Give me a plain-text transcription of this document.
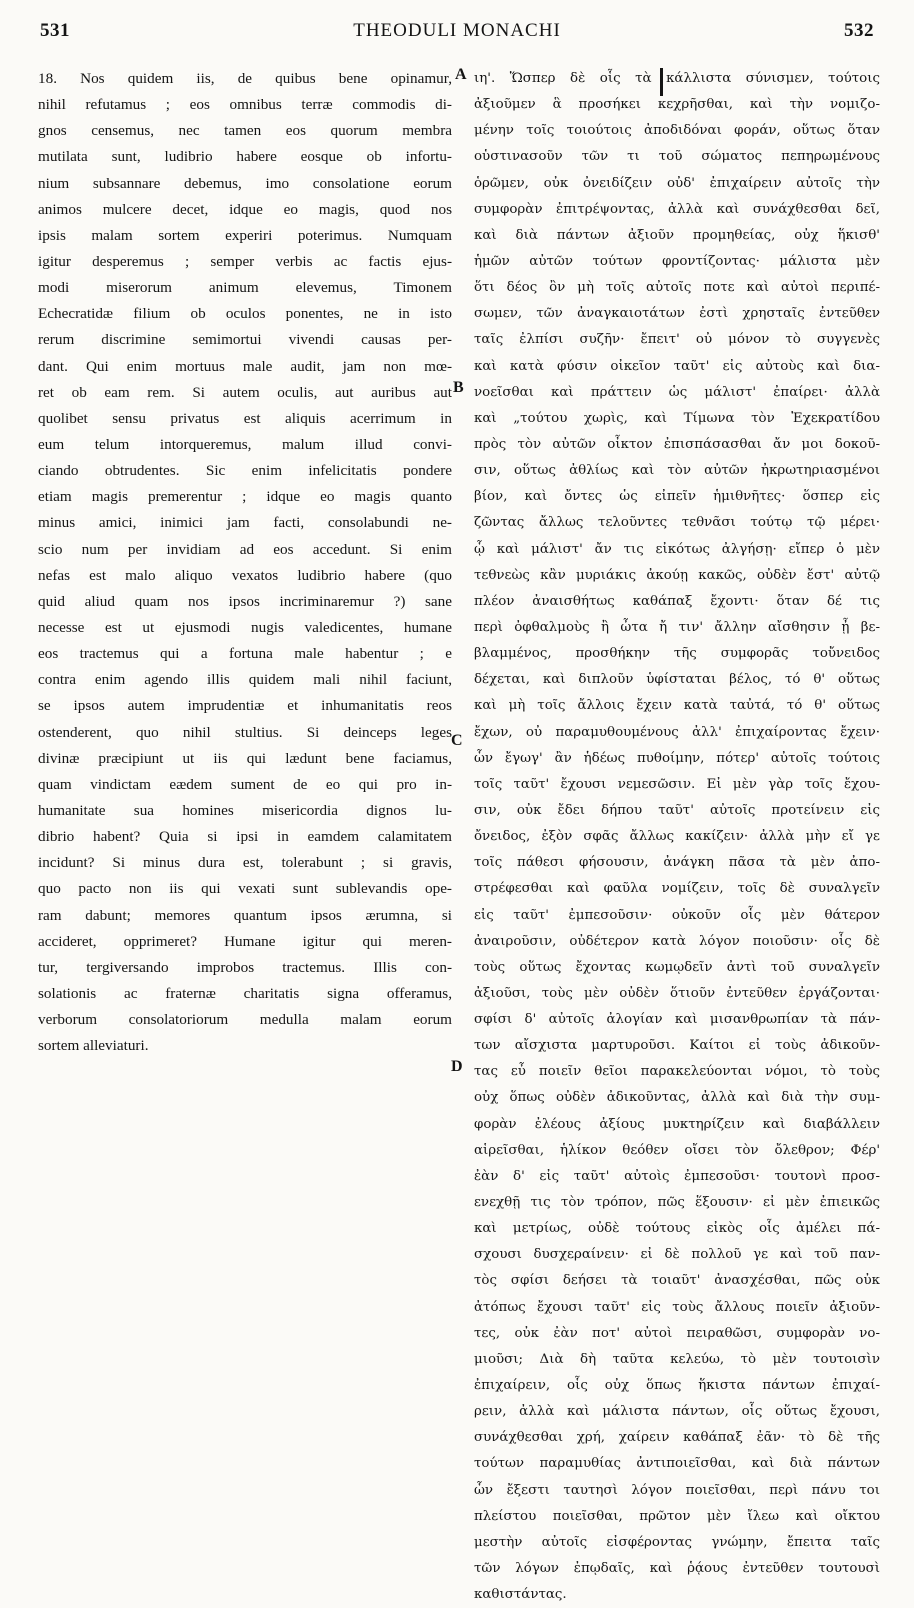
531	THEODULI MONACHI	532
18. Nos quidem iis, de quibus bene opinamur,
nihil refutamus ; eos omnibus terræ commodis di-
gnos censemus, nec tamen eos quorum membra
mutilata sunt, ludibrio habere eosque ob infortu-
nium subsannare debemus, imo consolatione eorum
animos mulcere decet, idque eo magis, quod nos
ipsis malam sortem experiri poterimus. Numquam
igitur desperemus ; semper verbis ac factis ejus-
modi miserorum animum elevemus, Timonem
Echecratidæ filium ob oculos ponentes, ne in isto
rerum discrimine semimortui vivendi causas per-
dant. Qui enim mortuus male audit, jam non mœ-
ret ob eam rem. Si autem oculis, aut auribus aut
quolibet sensu privatus est aliquis acerrimum in
eum telum intorqueremus, malum illud convi-
ciando obtrudentes. Sic enim infelicitatis pondere
etiam magis premerentur ; idque eo magis quanto
minus amici, inimici jam facti, consolabundi ne-
scio num per invidiam ad eos accedunt. Si enim
nefas est malo aliquo vexatos ludibrio habere (quo
quid aliud quam nos ipsos incriminaremur ?) sane
necesse est ut ejusmodi nugis valedicentes, humane
eos tractemus qui a fortuna male habentur ; e
contra enim agendo illis quidem mali nihil faciunt,
se ipsos autem imprudentiæ et inhumanitatis reos
ostenderent, quo nihil stultius. Si deinceps leges
divinæ præcipiunt ut iis qui lædunt bene faciamus,
quam vindictam eædem sument de eo qui pro in-
humanitate sua homines misericordia dignos lu-
dibrio habent? Quia si ipsi in eamdem calamitatem
incidunt? Si minus dura est, tolerabunt ; si gravis,
quo pacto non iis qui vexati sunt sublevandis ope-
ram dabunt; memores quantum ipsos ærumna, si
accideret, opprimeret? Humane igitur qui meren-
tur, tergiversando improbos tractemus. Illis con-
solationis ac fraternæ charitatis signa offeramus,
verborum consolatoriorum medulla malam eorum
sortem alleviaturi.
ιη'. Ὥσπερ δὲ οἷς τὰ κάλλιστα σύνισμεν, τούτοις
ἀξιοῦμεν ἃ προσήκει κεχρῆσθαι, καὶ τὴν νομιζο-
μένην τοῖς τοιούτοις ἀποδιδόναι φοράν, οὕτως ὅταν
οὑστινασοῦν τῶν τι τοῦ σώματος πεπηρωμένους
ὁρῶμεν, οὐκ ὀνειδίζειν οὐδ' ἐπιχαίρειν αὐτοῖς τὴν
συμφορὰν ἐπιτρέψοντας, ἀλλὰ καὶ συνάχθεσθαι δεῖ,
καὶ διὰ πάντων ἀξιοῦν προμηθείας, οὐχ ἥκισθ'
ἡμῶν αὐτῶν τούτων φροντίζοντας· μάλιστα μὲν
ὅτι δέος ὂν μὴ τοῖς αὐτοῖς ποτε καὶ αὐτοὶ περιπέ-
σωμεν, τῶν ἀναγκαιοτάτων ἐστὶ χρησταῖς ἐντεῦθεν
ταῖς ἐλπίσι συζῆν· ἔπειτ' οὐ μόνον τὸ συγγενὲς
καὶ κατὰ φύσιν οἰκεῖον ταῦτ' εἰς αὐτοὺς καὶ δια-
νοεῖσθαι καὶ πράττειν ὡς μάλιστ' ἐπαίρει· ἀλλὰ
καὶ „τούτου χωρὶς, καὶ Τίμωνα τὸν Ἐχεκρατίδου
πρὸς τὸν αὐτῶν οἶκτον ἐπισπάσασθαι ἄν μοι δοκοῦ-
σιν, οὕτως ἀθλίως καὶ τὸν αὐτῶν ἠκρωτηριασμένοι
βίον, καὶ ὄντες ὡς εἰπεῖν ἡμιθνῆτες· ὅσπερ εἰς
ζῶντας ἄλλως τελοῦντες τεθνᾶσι τούτῳ τῷ μέρει·
ᾧ καὶ μάλιστ' ἄν τις εἰκότως ἀλγήσῃ· εἴπερ ὁ μὲν
τεθνεὼς κἂν μυριάκις ἀκούῃ κακῶς, οὐδὲν ἔστ' αὐτῷ
πλέον ἀναισθήτως καθάπαξ ἔχοντι· ὅταν δέ τις
περὶ ὀφθαλμοὺς ἢ ὦτα ἤ τιν' ἄλλην αἴσθησιν ᾖ βε-
βλαμμένος, προσθήκην τῆς συμφορᾶς τοὔνειδος
δέχεται, καὶ διπλοῦν ὑφίσταται βέλος, τό θ' οὕτως
καὶ μὴ τοῖς ἄλλοις ἔχειν κατὰ ταὐτά, τό θ' οὕτως
ἔχων, οὐ παραμυθουμένους ἀλλ' ἐπιχαίροντας ἔχειν·
ὧν ἔγωγ' ἂν ἡδέως πυθοίμην, πότερ' αὐτοῖς τούτοις
τοῖς ταῦτ' ἔχουσι νεμεσῶσιν. Εἰ μὲν γὰρ τοῖς ἔχου-
σιν, οὐκ ἔδει δήπου ταῦτ' αὐτοῖς προτείνειν εἰς
ὄνειδος, ἐξὸν σφᾶς ἄλλως κακίζειν· ἀλλὰ μὴν εἴ γε
τοῖς πάθεσι φήσουσιν, ἀνάγκη πᾶσα τὰ μὲν ἀπο-
στρέφεσθαι καὶ φαῦλα νομίζειν, τοῖς δὲ συναλγεῖν
εἰς ταῦτ' ἐμπεσοῦσιν· οὐκοῦν οἷς μὲν θάτερον
ἀναιροῦσιν, οὐδέτερον κατὰ λόγον ποιοῦσιν· οἷς δὲ
τοὺς οὕτως ἔχοντας κωμῳδεῖν ἀντὶ τοῦ συναλγεῖν
ἀξιοῦσι, τοὺς μὲν οὐδὲν ὅτιοῦν ἐντεῦθεν ἐργάζονται·
σφίσι δ' αὐτοῖς ἀλογίαν καὶ μισανθρωπίαν τὰ πάν-
των αἴσχιστα μαρτυροῦσι. Καίτοι εἰ τοὺς ἀδικοῦν-
τας εὖ ποιεῖν θεῖοι παρακελεύονται νόμοι, τὸ τοὺς
οὐχ ὅπως οὐδὲν ἀδικοῦντας, ἀλλὰ καὶ διὰ τὴν συμ-
φορὰν ἐλέους ἀξίους μυκτηρίζειν καὶ διαβάλλειν
αἱρεῖσθαι, ἡλίκον θεόθεν οἴσει τὸν ὄλεθρον; Φέρ'
ἐὰν δ' εἰς ταῦτ' αὐτοὶς ἐμπεσοῦσι· τουτονὶ προσ-
ενεχθῇ τις τὸν τρόπον, πῶς ἕξουσιν· εἰ μὲν ἐπιεικῶς
καὶ μετρίως, οὐδὲ τούτους εἰκὸς οἷς ἀμέλει πά-
σχουσι δυσχεραίνειν· εἰ δὲ πολλοῦ γε καὶ τοῦ παν-
τὸς σφίσι δεήσει τὰ τοιαῦτ' ἀνασχέσθαι, πῶς οὐκ
ἀτόπως ἔχουσι ταῦτ' εἰς τοὺς ἄλλους ποιεῖν ἀξιοῦν-
τες, οὐκ ἐὰν ποτ' αὐτοὶ πειραθῶσι, συμφορὰν νο-
μιοῦσι; Διὰ δὴ ταῦτα κελεύω, τὸ μὲν τουτοισὶν
ἐπιχαίρειν, οἷς οὐχ ὅπως ἥκιστα πάντων ἐπιχαί-
ρειν, ἀλλὰ καὶ μάλιστα πάντων, οἷς οὕτως ἔχουσι,
συνάχθεσθαι χρή, χαίρειν καθάπαξ ἐᾶν· τὸ δὲ τῆς
τούτων παραμυθίας ἀντιποιεῖσθαι, καὶ διὰ πάντων
ὧν ἔξεστι ταυτησὶ λόγον ποιεῖσθαι, περὶ πάνυ τοι
πλείστου ποιεῖσθαι, πρῶτον μὲν ἴλεω καὶ οἴκτου
μεστὴν αὐτοῖς εἰσφέροντας γνώμην, ἔπειτα ταῖς
τῶν λόγων ἐπῳδαῖς, καὶ ῥᾴους ἐντεῦθεν τουτουσὶ
καθιστάντας.
A
B
C
D
